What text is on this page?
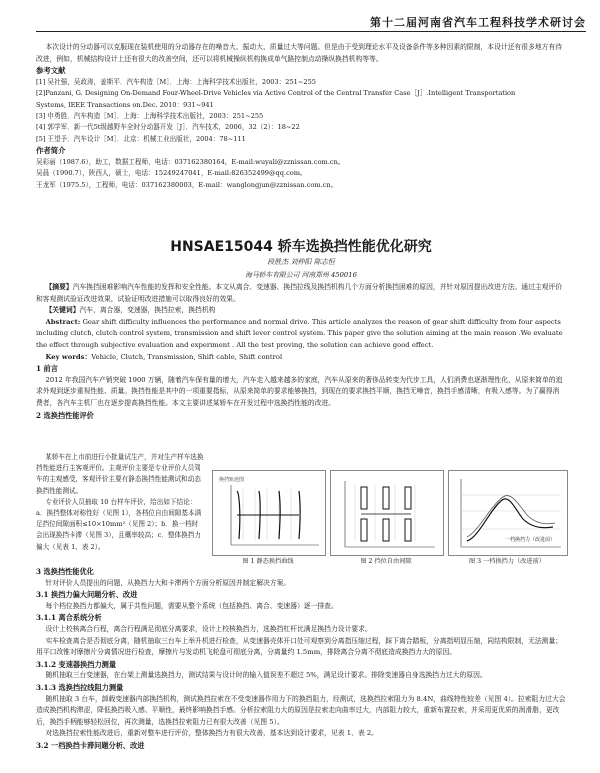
第十二届河南省汽车工程科技学术研讨会

本次设计的分动器可以克服现在装机使用的分动器存在的噪音大、振动大、质量过大等问题。但是由于受到理论水平及设备条件等多种因素的限制，本设计还有很多地方有待改进，例如，机械结构设计上还有很大的改善空间，还可以将机械操纵机构换成单气路控制点动操纵换挡机构等等。

参考文献
[1] 吴社强，吴政涛，姜斯平．汽车构造［M］．上海：上海科学技术出版社，2003：251~255
[2]Panzani, G. Designing On-Demand Four-Wheel-Drive Vehicles via Active Control of the Central Transfer Case［J］.Intelligent Transportation
Systems, IEEE Transactions on.Dec. 2010：931~941
[3] 申勇胜．汽车构造［M］．上海：上海科学技术出版社，2003：251~255
[4] 郭学军．新一代5t级越野车全时分动器开发［J］．汽车技术，2006，32（2）：18~22
[5] 王望予．汽车设计［M］．北京：机械工业出版社，2004：78~111
作者简介
吴彩丽（1987.6），助工，数据工程师，电话：037162380164，E-mail:wuyali@zznissan.com.cn。
吴晨（1990.7），陕西人，硕士，电话：15249247041，E-mail:826352499@qq.com。
王龙军（1975.5），工程师，电话：037162380003，E-mail：wanglongjun@zznissan.com.cn。
HNSAE15044 轿车选换挡性能优化研究
段胜杰 刘仲阳 陈志恒
海马轿车有限公司 河南郑州 450016

【摘要】汽车换挡困难影响汽车性能的发挥和安全性能。本文从离合、变速器、换挡拉线及换挡机构几个方面分析换挡困难的原因，并针对原因提出改进方法。通过主观评价和客观测试验证改进效果，试验证明改进措施可以取得良好的效果。

【关键词】汽车，离合器，变速器，换挡拉索，换挡机构

Abstract: Gear shift difficulty influences the performance and normal drive. This article analyzes the reason of gear shift difficulty from four aspects including clutch, clutch control system, transmission and shift lever control system. This paper give the solution aiming at the main reason .We evaluate the effect through subjective evaluation and experiment . All the test proving, the solution can achieve good effect.

Key words：Vehicle, Clutch, Transmission, Shift cable, Shift control

1 前言

2012 年我国汽车产销突破 1900 万辆，随着汽车保有量的增大，汽车走入越来越多的家庭，汽车从原来的奢侈品转变为代步工具，人们消费也逐渐理性化，从原来简单的追求外观到逐步重视性能、质量。换挡性能是其中的一项重要指标，从原来简单的要求能够换挡，到现在的要求换挡平顺，换挡无噪音，换挡手感清晰，有吸入感等。为了赢得消费者，各汽车主机厂也在逐步提高换挡性能。本文主要讲述某轿车在开发过程中选换挡性能的改进。

2 选换挡性能评价

某轿车在上市前进行小批量试生产，并对生产样车选换挡性能进行主客观评价。主观评价主要是专业评价人员驾车的主观感受，客观评价主要有静态换挡性能测试和动态换挡性能测试。

专业评价人员抽取 10 台样车评价，给出如下结论：a．换挡整体对称性好（见图 1），各档位自由间隙基本满足挡位间隙面积≤10×10mm²（见图 2）；b．换一档时会出现换挡卡滞（见图 3），且概率较高；c．整体换挡力偏大（见表 1、表 2）。

换挡轨迹图
图 1 静态换挡曲线	图 2 挡位自由间隙
一档换挡力（改进前）
图 3 一档换挡力（改进前）
3 选换挡性能优化

针对评价人员提出的问题，从换挡力大和卡滞两个方面分析原因并制定解决方案。

3.1 换挡力偏大问题分析、改进

每个档位换挡力都偏大，属于共性问题，需要从整个系统（包括换挡、离合、变速器）逐一排查。

3.1.1 离合系统分析

设计上校核离合行程，离合行程满足彻底分离要求，设计上校核换挡力，选换挡杠杆比满足换挡力设计要求。

实车检查离合是否彻底分离，随机抽取三台车上举升机进行检查，从变速器壳体开口处可观察到分离指压缩过程，踩下离合踏板，分离指明显压缩，同结构限制，无法测量；用平口改锥对摩擦片分离情况进行检查，摩擦片与发动机飞轮盘可彻底分离，分离量约 1.5mm，排除离合分离不彻底造成换挡力大的原因。

3.1.2 变速器换挡力测量

随机抽取三台变速器，在台架上测量选换挡力，测试结果与设计时的输入值误差不超过 5%，满足设计要求。排除变速器自身选换挡力过大的原因。

3.1.3 选换挡拉线阻力测量

随机抽取 3 台车，卸载变速器内部换挡机构，测试换挡拉索在不受变速器作用力下的换挡阻力，经测试，选换挡拉索阻力为 8.4N，曲线特性较差（见图 4）。拉索阻力过大会造成换挡机构滞涩，降低换挡吸入感、平顺性，最终影响换挡手感。分析拉索阻力大的原因是拉索走向曲率过大，内部阻力较大，重新布置拉索，并采用更优质的润滑脂，更改后，换挡手柄能够轻松回位，再次测量，选换挡拉索阻力已有很大改善（见图 5）。

对选换挡拉索性能改进后，重新对整车进行评价，整体换挡力有很大改善，基本达到设计要求，见表 1、表 2。

3.2 一档换挡卡滞问题分析、改进
